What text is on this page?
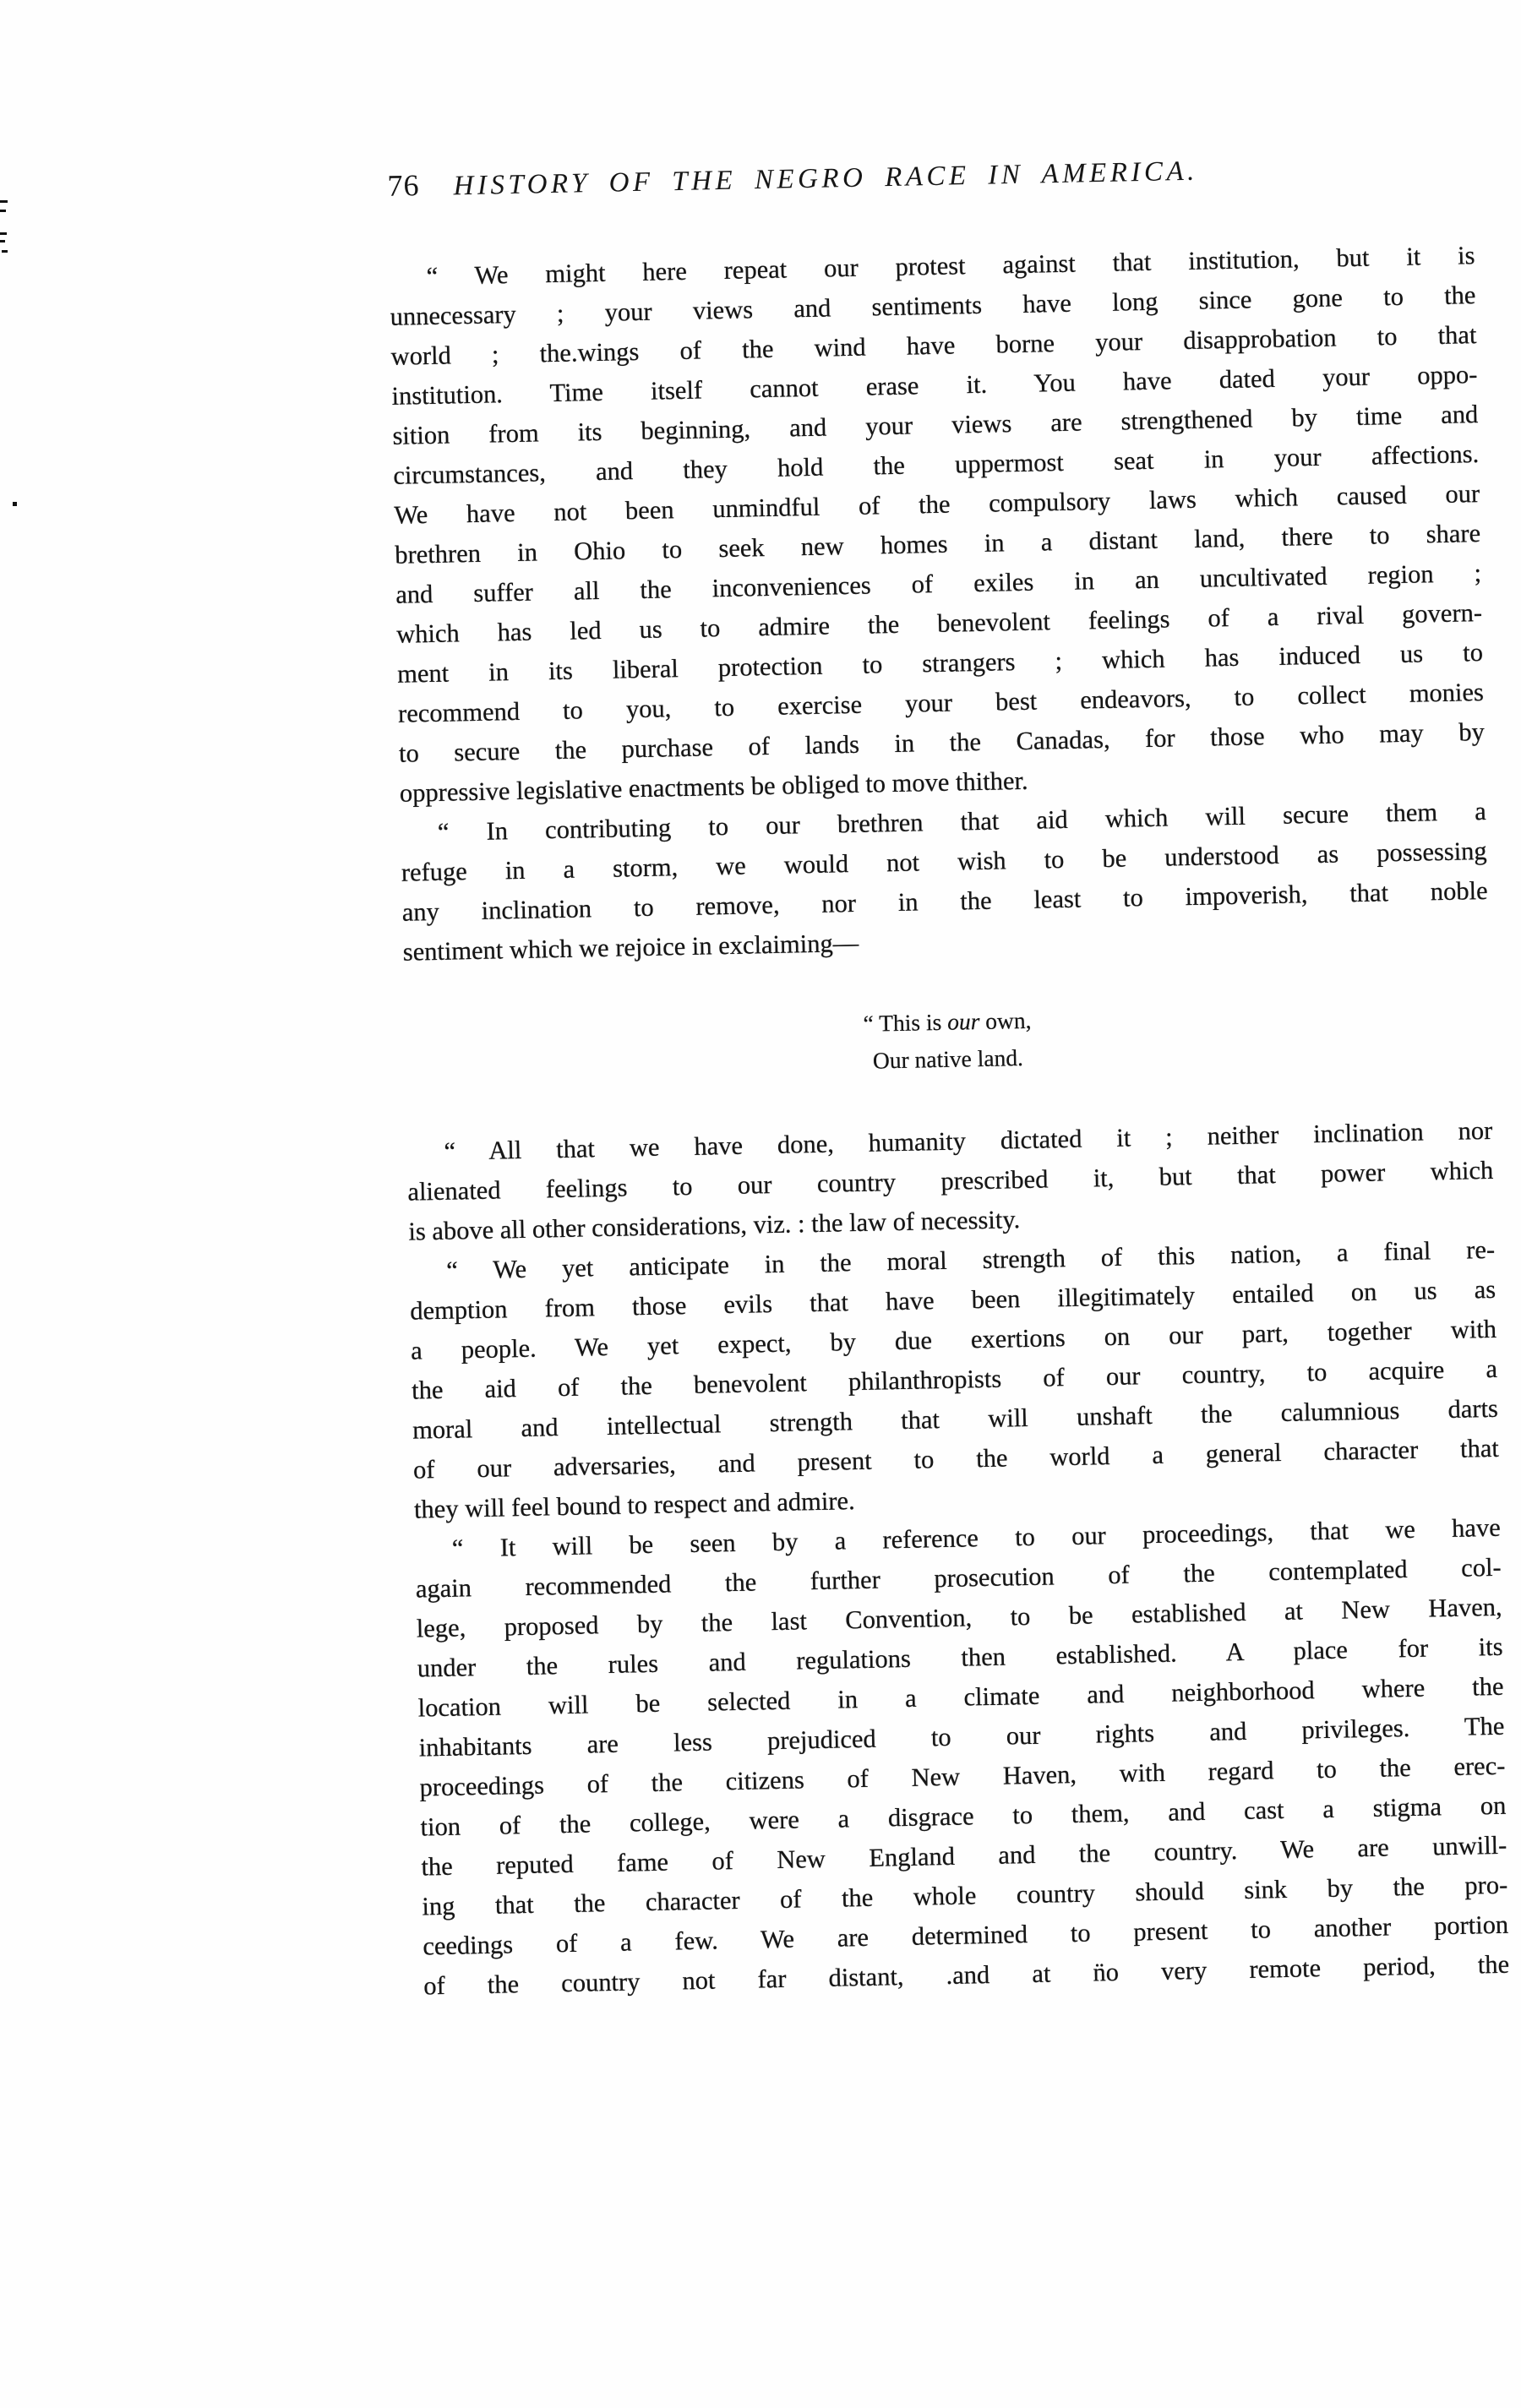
76 HISTORY OF THE NEGRO RACE IN AMERICA.
“ We might here repeat our protest against that institution, but it is
unnecessary ; your views and sentiments have long since gone to the
world ; the.wings of the wind have borne your disapprobation to that
institution. Time itself cannot erase it. You have dated your oppo-
sition from its beginning, and your views are strengthened by time and
circumstances, and they hold the uppermost seat in your affections.
We have not been unmindful of the compulsory laws which caused our
brethren in Ohio to seek new homes in a distant land, there to share
and suffer all the inconveniences of exiles in an uncultivated region ;
which has led us to admire the benevolent feelings of a rival govern-
ment in its liberal protection to strangers ; which has induced us to
recommend to you, to exercise your best endeavors, to collect monies
to secure the purchase of lands in the Canadas, for those who may by
oppressive legislative enactments be obliged to move thither.
“ In contributing to our brethren that aid which will secure them a
refuge in a storm, we would not wish to be understood as possessing
any inclination to remove, nor in the least to impoverish, that noble
sentiment which we rejoice in exclaiming—
“ This is our own,
Our native land.
“ All that we have done, humanity dictated it ; neither inclination nor
alienated feelings to our country prescribed it, but that power which
is above all other considerations, viz. : the law of necessity.
“ We yet anticipate in the moral strength of this nation, a final re-
demption from those evils that have been illegitimately entailed on us as
a people. We yet expect, by due exertions on our part, together with
the aid of the benevolent philanthropists of our country, to acquire a
moral and intellectual strength that will unshaft the calumnious darts
of our adversaries, and present to the world a general character that
they will feel bound to respect and admire.
“ It will be seen by a reference to our proceedings, that we have
again recommended the further prosecution of the contemplated col-
lege, proposed by the last Convention, to be established at New Haven,
under the rules and regulations then established. A place for its
location will be selected in a climate and neighborhood where the
inhabitants are less prejudiced to our rights and privileges. The
proceedings of the citizens of New Haven, with regard to the erec-
tion of the college, were a disgrace to them, and cast a stigma on
the reputed fame of New England and the country. We are unwill-
ing that the character of the whole country should sink by the pro-
ceedings of a few. We are determined to present to another portion
of the country not far distant, .and at n̈o very remote period, the
